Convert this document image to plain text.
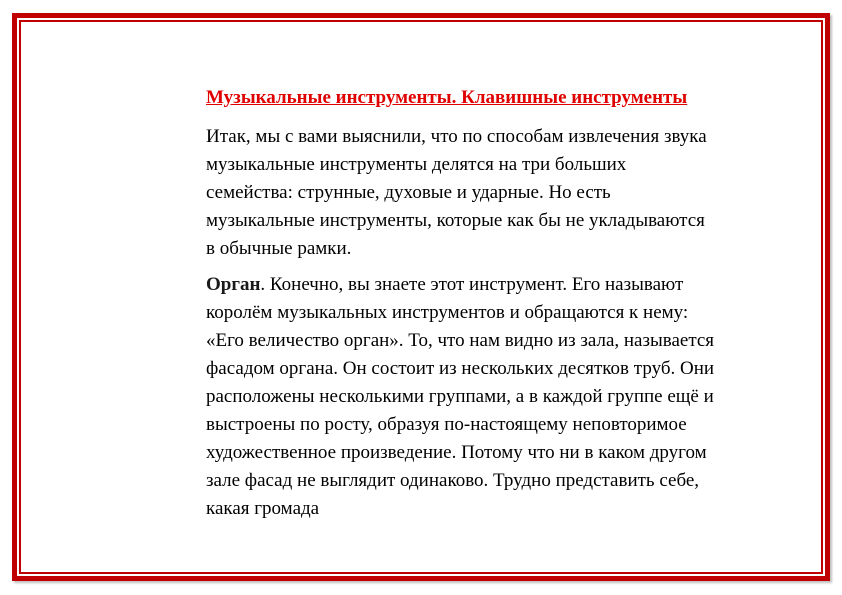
Музыкальные инструменты. Клавишные инструменты

Итак, мы с вами выяснили, что по способам извлечения звука музыкальные инструменты делятся на три больших семейства: струнные, духовые и ударные. Но есть музыкальные инструменты, которые как бы не укладываются в обычные рамки.

Орган. Конечно, вы знаете этот инструмент. Его называют королём музыкальных инструментов и обращаются к нему: «Его величество орган». То, что нам видно из зала, называется фасадом органа. Он состоит из нескольких десятков труб. Они расположены несколькими группами, а в каждой группе ещё и выстроены по росту, образуя по-настоящему неповторимое художественное произведение. Потому что ни в каком другом зале фасад не выглядит одинаково. Трудно представить себе, какая громада
